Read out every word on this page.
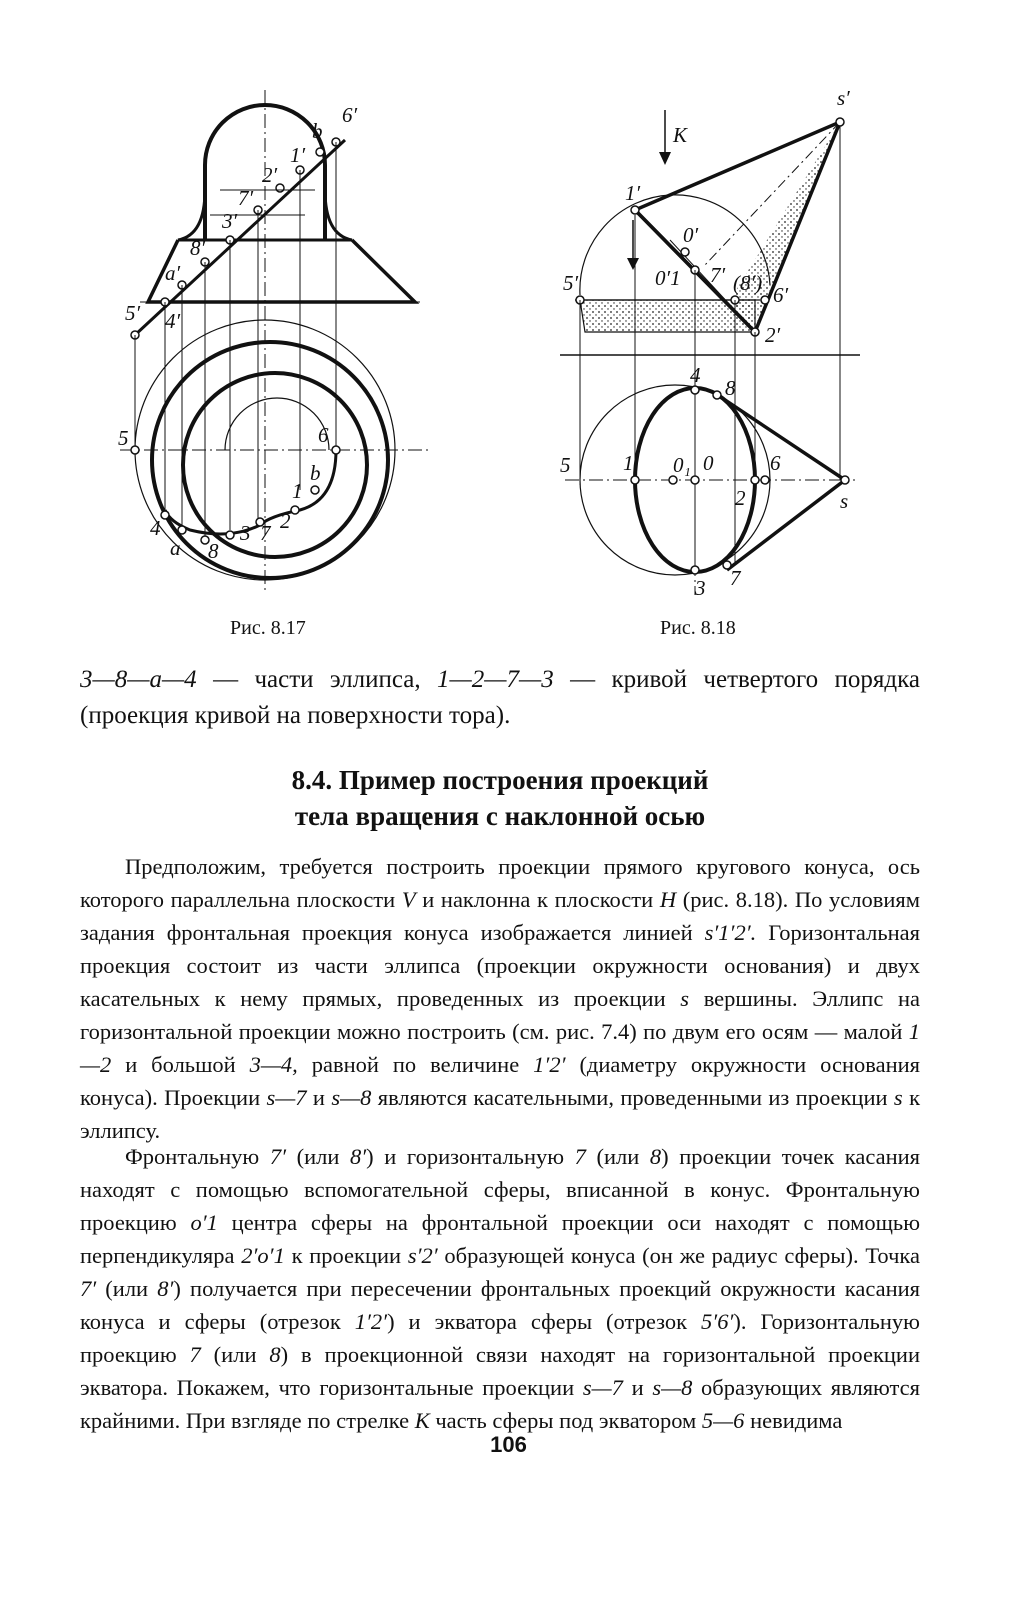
6′
b
1′
2′
7′
3′
8′
a′
5′ 4′
5	6
b
1
2
3 7
4
a 8
Рис. 8.17
s′
K
1′
0′
5′	0′1 7′ (8′) 6′
2′
4
8
5	1 0₁ 0	6
2	s
3 7
Рис. 8.18
3—8—a—4 — части эллипса, 1—2—7—3 — кривой четвертого порядка (проекция кривой на поверхности тора).
8.4. Пример построения проекций
тела вращения с наклонной осью
Предположим, требуется построить проекции прямого кругового конуса, ось которого параллельна плоскости V и наклонна к плоскости H (рис. 8.18). По условиям задания фронтальная проекция конуса изображается линией s′1′2′. Горизонтальная проекция состоит из части эллипса (проекции окружности основания) и двух касательных к нему прямых, проведенных из проекции s вершины. Эллипс на горизонтальной проекции можно построить (см. рис. 7.4) по двум его осям — малой 1—2 и большой 3—4, равной по величине 1′2′ (диаметру окружности основания конуса). Проекции s—7 и s—8 являются касательными, проведенными из проекции s к эллипсу.
Фронтальную 7′ (или 8′) и горизонтальную 7 (или 8) проекции точек касания находят с помощью вспомогательной сферы, вписанной в конус. Фронтальную проекцию o′1 центра сферы на фронтальной проекции оси находят с помощью перпендикуляра 2′o′1 к проекции s′2′ образующей конуса (он же радиус сферы). Точка 7′ (или 8′) получается при пересечении фронтальных проекций окружности касания конуса и сферы (отрезок 1′2′) и экватора сферы (отрезок 5′6′). Горизонтальную проекцию 7 (или 8) в проекционной связи находят на горизонтальной проекции экватора. Покажем, что горизонтальные проекции s—7 и s—8 образующих являются крайними. При взгляде по стрелке K часть сферы под экватором 5—6 невидима
106
